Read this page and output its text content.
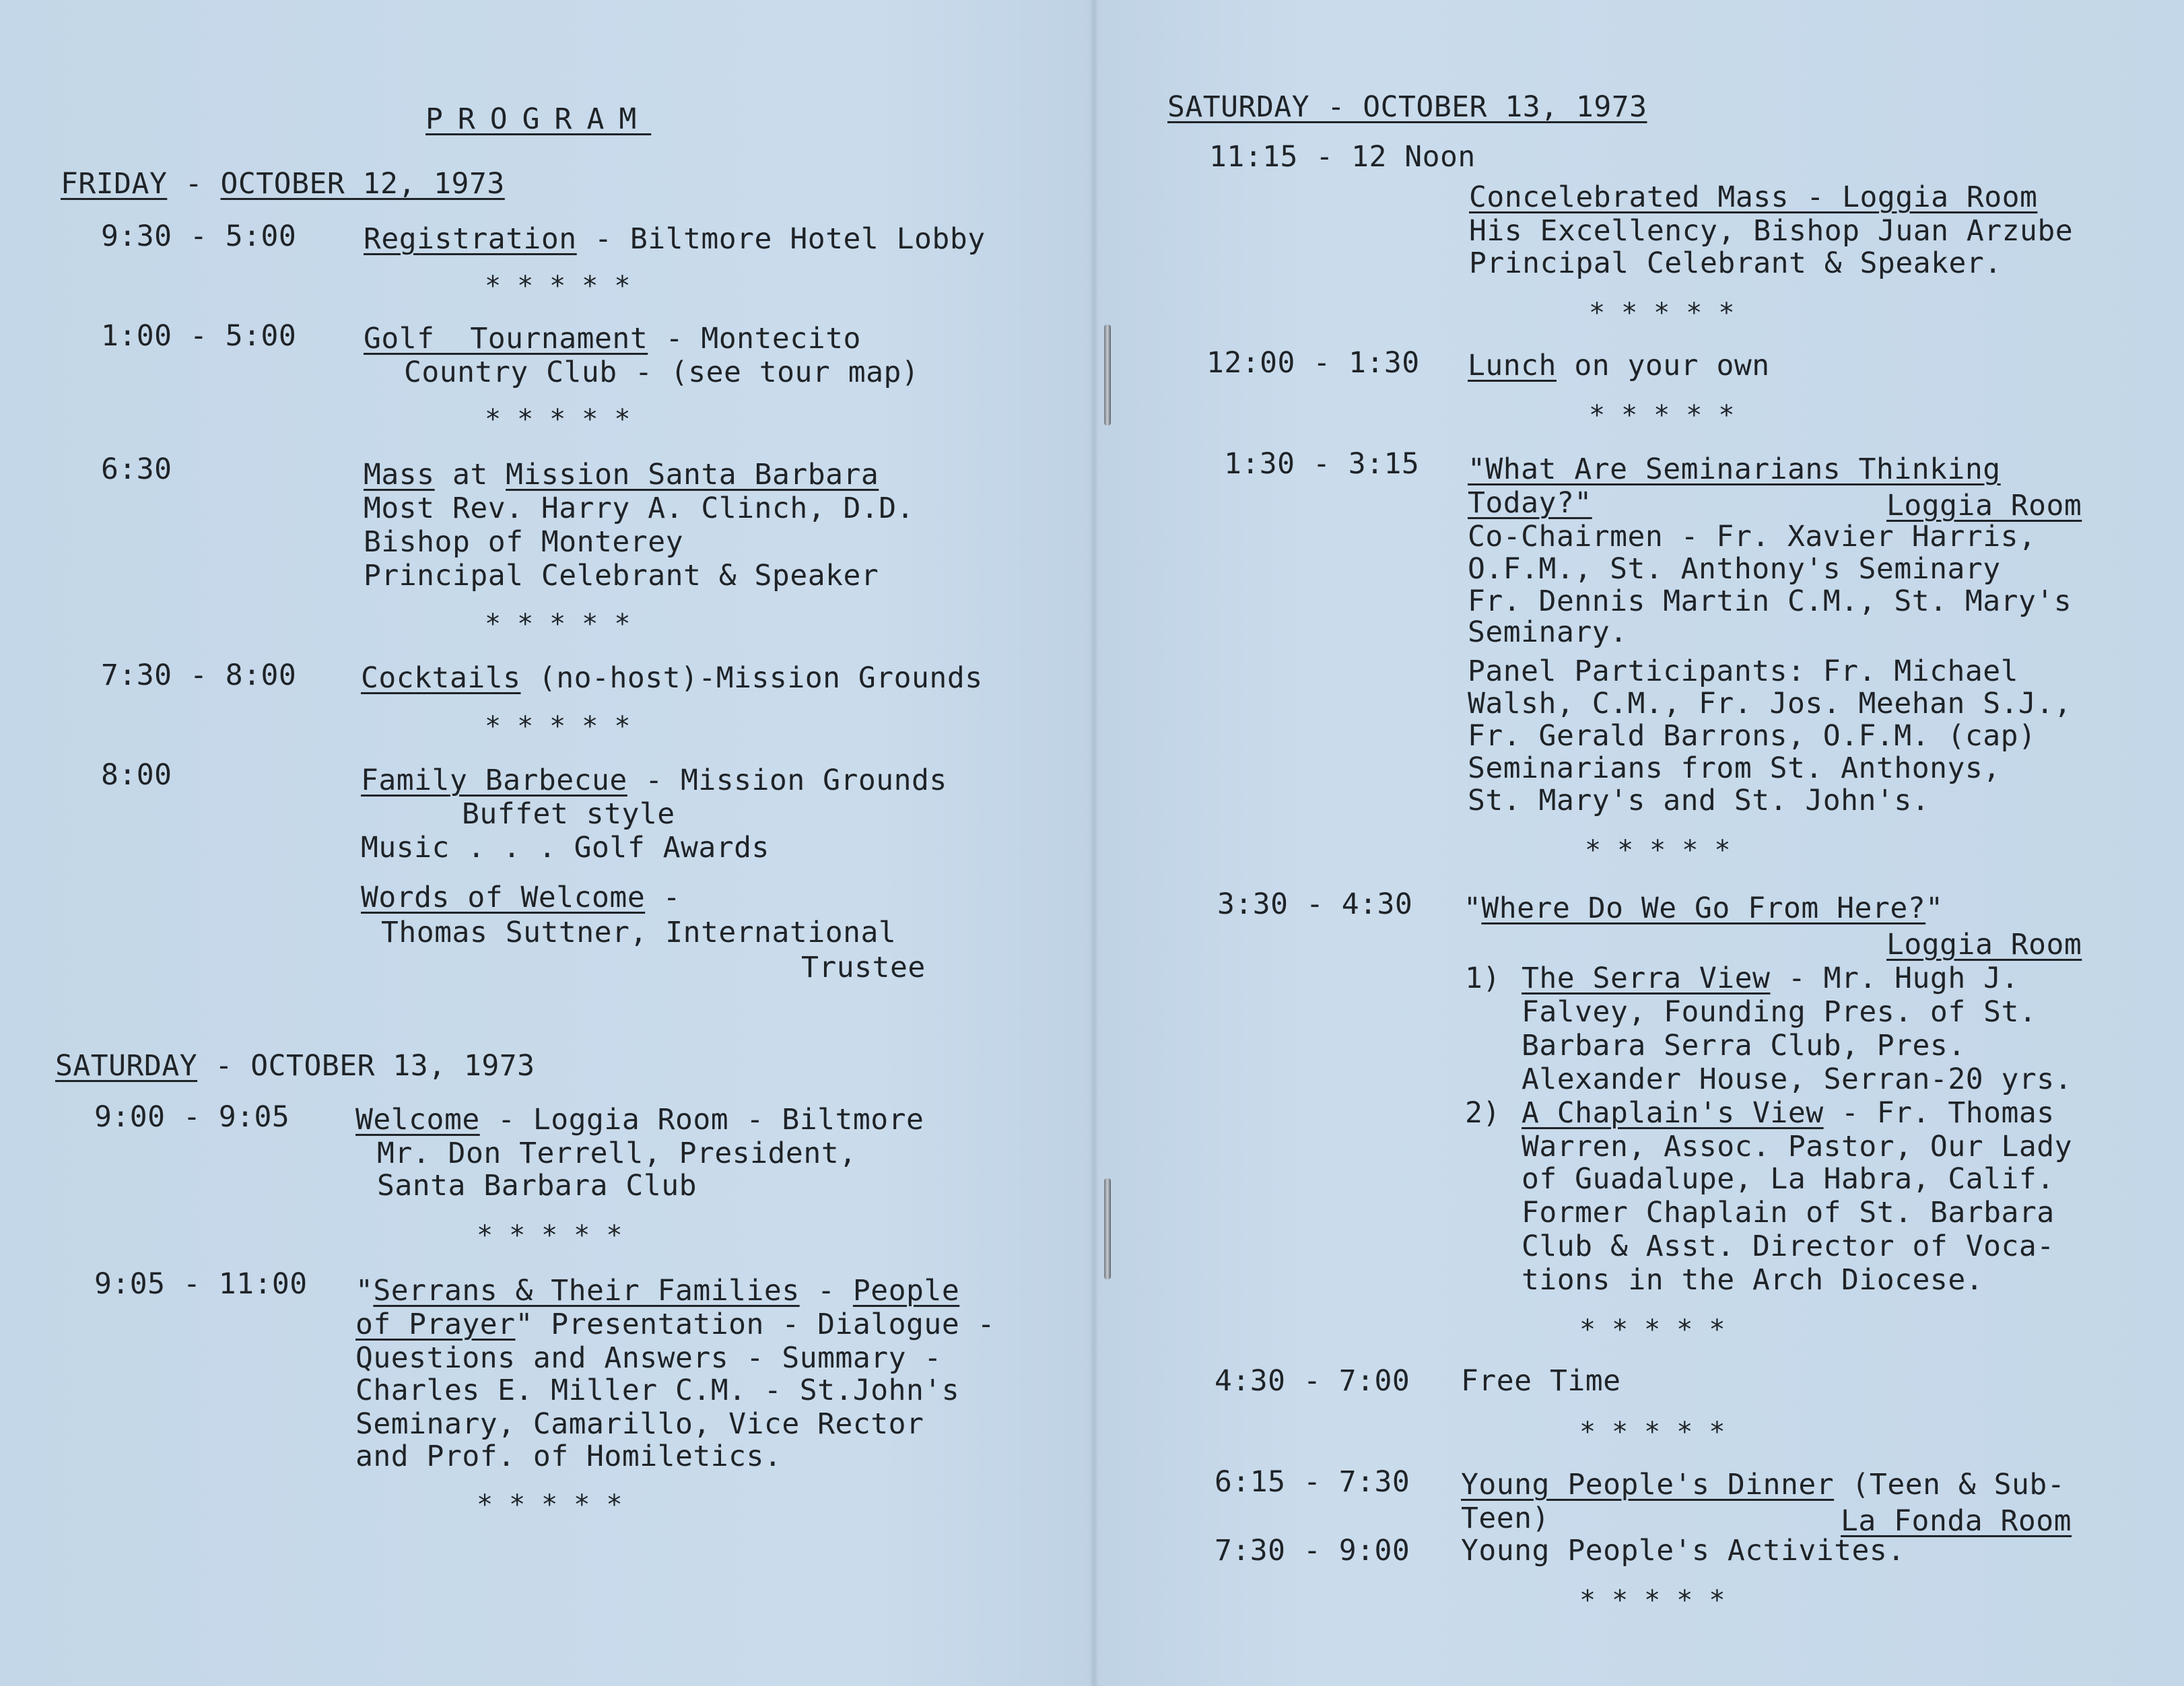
PROGRAM
FRIDAY - OCTOBER 12, 1973
9:30 - 5:00 Registration - Biltmore Hotel Lobby
*****
1:00 - 5:00 Golf  Tournament - Montecito
Country Club - (see tour map)
*****
6:30	Mass at Mission Santa Barbara
Most Rev. Harry A. Clinch, D.D.
Bishop of Monterey
Principal Celebrant & Speaker
*****
7:30 - 8:00 Cocktails (no-host)-Mission Grounds
*****
8:00	Family Barbecue - Mission Grounds
Buffet style
Music . . . Golf Awards
Words of Welcome -
Thomas Suttner, International
Trustee
SATURDAY - OCTOBER 13, 1973
9:00 - 9:05 Welcome - Loggia Room - Biltmore
Mr. Don Terrell, President,
Santa Barbara Club
*****
9:05 - 11:00 "Serrans & Their Families - People
of Prayer" Presentation - Dialogue -
Questions and Answers - Summary -
Charles E. Miller C.M. - St.John's
Seminary, Camarillo, Vice Rector
and Prof. of Homiletics.
*****
SATURDAY - OCTOBER 13, 1973
11:15 - 12 Noon
Concelebrated Mass - Loggia Room
His Excellency, Bishop Juan Arzube
Principal Celebrant & Speaker.
*****
12:00 - 1:30 Lunch on your own
*****
1:30 - 3:15 "What Are Seminarians Thinking
Today?"	Loggia Room
Co-Chairmen - Fr. Xavier Harris,
O.F.M., St. Anthony's Seminary
Fr. Dennis Martin C.M., St. Mary's
Seminary.
Panel Participants: Fr. Michael
Walsh, C.M., Fr. Jos. Meehan S.J.,
Fr. Gerald Barrons, O.F.M. (cap)
Seminarians from St. Anthonys,
St. Mary's and St. John's.
*****
3:30 - 4:30 "Where Do We Go From Here?"
Loggia Room
1) The Serra View - Mr. Hugh J.
Falvey, Founding Pres. of St.
Barbara Serra Club, Pres.
Alexander House, Serran-20 yrs.
2) A Chaplain's View - Fr. Thomas
Warren, Assoc. Pastor, Our Lady
of Guadalupe, La Habra, Calif.
Former Chaplain of St. Barbara
Club & Asst. Director of Voca-
tions in the Arch Diocese.
*****
4:30 - 7:00 Free Time
*****
6:15 - 7:30 Young People's Dinner (Teen & Sub-
Teen)	La Fonda Room
7:30 - 9:00 Young People's Activites.
*****
